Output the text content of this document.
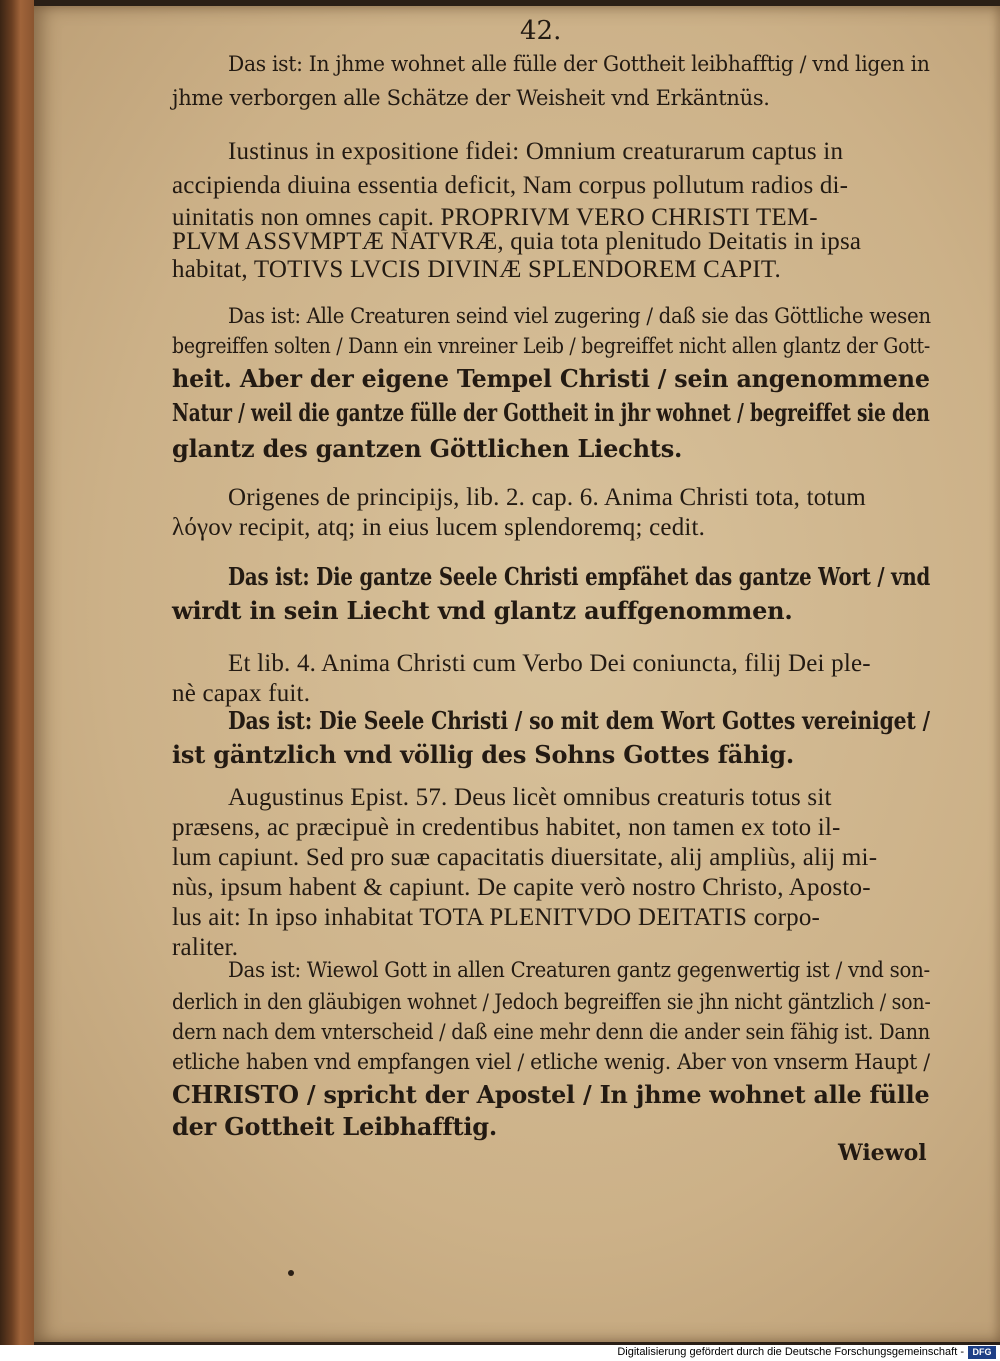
42.
Das ist: In jhme wohnet alle fülle der Gottheit leibhafftig / vnd ligen in
jhme verborgen alle Schätze der Weisheit vnd Erkäntnüs.
Iustinus in expositione fidei: Omnium creaturarum captus in
accipienda diuina essentia deficit, Nam corpus pollutum radios di-
uinitatis non omnes capit. PROPRIVM VERO CHRISTI TEM-
PLVM ASSVMPTÆ NATVRÆ, quia tota plenitudo Deitatis in ipsa
habitat, TOTIVS LVCIS DIVINÆ SPLENDOREM CAPIT.
Das ist: Alle Creaturen seind viel zugering / daß sie das Göttliche wesen
begreiffen solten / Dann ein vnreiner Leib / begreiffet nicht allen glantz der Gott-
heit. Aber der eigene Tempel Christi / sein angenommene
Natur / weil die gantze fülle der Gottheit in jhr wohnet / begreiffet sie den
glantz des gantzen Göttlichen Liechts.
Origenes de principijs, lib. 2. cap. 6. Anima Christi tota, totum
λόγον recipit, atq; in eius lucem splendoremq; cedit.
Das ist: Die gantze Seele Christi empfähet das gantze Wort / vnd
wirdt in sein Liecht vnd glantz auffgenommen.
Et lib. 4. Anima Christi cum Verbo Dei coniuncta, filij Dei ple-
nè capax fuit.
Das ist: Die Seele Christi / so mit dem Wort Gottes vereiniget /
ist gäntzlich vnd völlig des Sohns Gottes fähig.
Augustinus Epist. 57. Deus licèt omnibus creaturis totus sit
præsens, ac præcipuè in credentibus habitet, non tamen ex toto il-
lum capiunt. Sed pro suæ capacitatis diuersitate, alij ampliùs, alij mi-
nùs, ipsum habent & capiunt. De capite verò nostro Christo, Aposto-
lus ait: In ipso inhabitat TOTA PLENITVDO DEITATIS corpo-
raliter.
Das ist: Wiewol Gott in allen Creaturen gantz gegenwertig ist / vnd son-
derlich in den gläubigen wohnet / Jedoch begreiffen sie jhn nicht gäntzlich / son-
dern nach dem vnterscheid / daß eine mehr denn die ander sein fähig ist. Dann
etliche haben vnd empfangen viel / etliche wenig. Aber von vnserm Haupt /
CHRISTO / spricht der Apostel / In jhme wohnet alle fülle
der Gottheit Leibhafftig.
Wiewol
Digitalisierung gefördert durch die Deutsche Forschungsgemeinschaft - DFG
